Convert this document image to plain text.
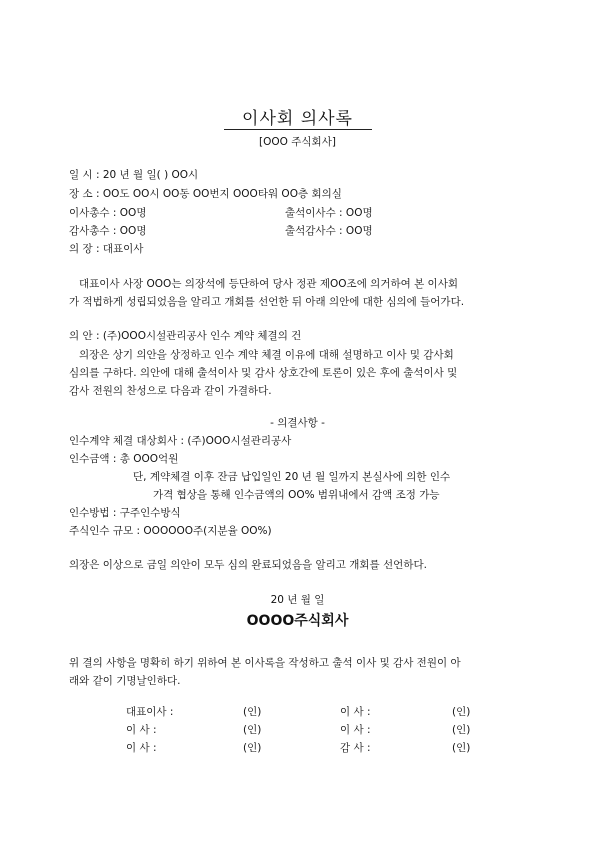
이사회 의사록
[OOO 주식회사]
일 시 : 20 년 월 일( ) OO시
장 소 : OO도 OO시 OO동 OO번지 OOO타워 OO층 회의실
이사총수 : OO명	출석이사수 : OO명
감사총수 : OO명	출석감사수 : OO명
의 장 : 대표이사
대표이사 사장 OOO는 의장석에 등단하여 당사 정관 제OO조에 의거하여 본 이사회
가 적법하게 성립되었음을 알리고 개회를 선언한 뒤 아래 의안에 대한 심의에 들어가다.
의 안 : (주)OOO시설관리공사 인수 계약 체결의 건
의장은 상기 의안을 상정하고 인수 계약 체결 이유에 대해 설명하고 이사 및 감사회
심의를 구하다. 의안에 대해 출석이사 및 감사 상호간에 토론이 있은 후에 출석이사 및
감사 전원의 찬성으로 다음과 같이 가결하다.
- 의결사항 -
인수계약 체결 대상회사 : (주)OOO시설관리공사
인수금액 : 총 OOO억원
단, 계약체결 이후 잔금 납입일인 20 년 월 일까지 본실사에 의한 인수
가격 협상을 통해 인수금액의 OO% 범위내에서 감액 조정 가능
인수방법 : 구주인수방식
주식인수 규모 : OOOOOO주(지분율 OO%)
의장은 이상으로 금일 의안이 모두 심의 완료되었음을 알리고 개회를 선언하다.
20 년 월 일
OOOO주식회사
위 결의 사항을 명확히 하기 위하여 본 이사록을 작성하고 출석 이사 및 감사 전원이 아
래와 같이 기명날인하다.
대표이사 :	(인)	이 사 :	(인)
이 사 :	(인)	이 사 :	(인)
이 사 :	(인)	감 사 :	(인)
